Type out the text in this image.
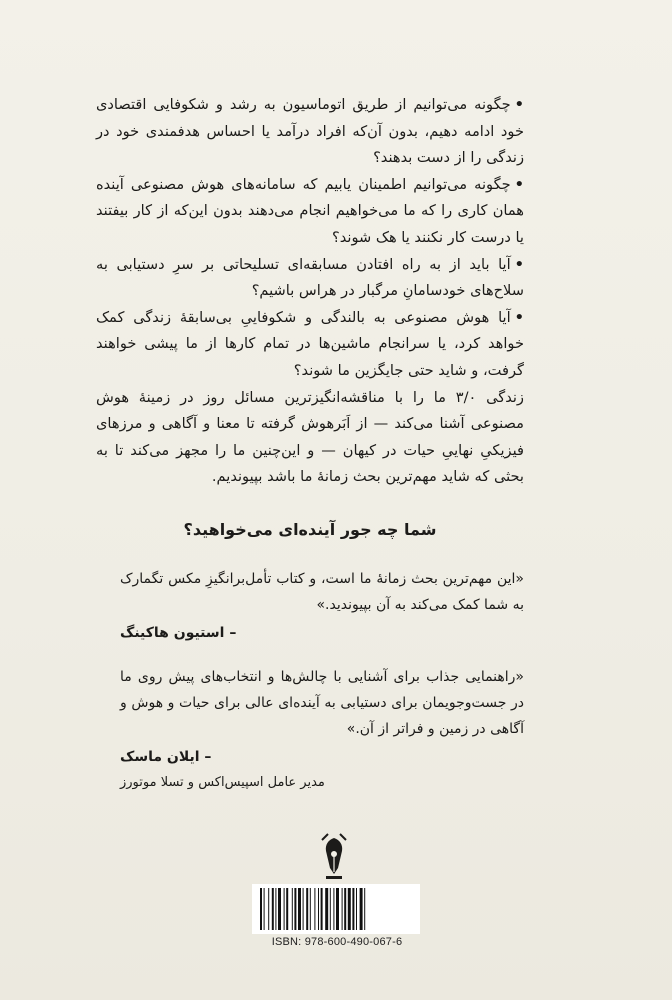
•چگونه می‌توانیم از طریق اتوماسیون به رشد و شکوفایی اقتصادی خود ادامه دهیم، بدون آن‌که افراد درآمد یا احساس هدفمندی خود در زندگی را از دست بدهند؟

•چگونه می‌توانیم اطمینان یابیم که سامانه‌های هوش مصنوعی آینده همان کاری را که ما می‌خواهیم انجام می‌دهند بدون این‌که از کار بیفتند یا درست کار نکنند یا هک شوند؟

•آیا باید از به راه افتادن مسابقه‌ای تسلیحاتی بر سرِ دستیابی به سلاح‌های خودسامانِ مرگبار در هراس باشیم؟

•آیا هوش مصنوعی به بالندگی و شکوفاییِ بی‌سابقهٔ زندگی کمک خواهد کرد، یا سرانجام ماشین‌ها در تمام کارها از ما پیشی خواهند گرفت، و شاید حتی جایگزین ما شوند؟

زندگی ۳/۰ ما را با مناقشه‌انگیزترین مسائل روز در زمینهٔ هوش مصنوعی آشنا می‌کند — از اَبَرهوش گرفته تا معنا و آگاهی و مرزهای فیزیکیِ نهاییِ حیات در کیهان — و این‌چنین ما را مجهز می‌کند تا به بحثی که شاید مهم‌ترین بحث زمانهٔ ما باشد بپیوندیم.

شما چه جور آینده‌ای می‌خواهید؟

«این مهم‌ترین بحث زمانهٔ ما است، و کتاب تأمل‌برانگیزِ مکس تگمارک به شما کمک می‌کند به آن بپیوندید.»

– استیون هاکینگ

«راهنمایی جذاب برای آشنایی با چالش‌ها و انتخاب‌های پیش روی ما در جست‌وجویمان برای دستیابی به آینده‌ای عالی برای حیات و هوش و آگاهی در زمین و فراتر از آن.»

– ایلان ماسک

مدیر عامل اسپیس‌اکس و تسلا موتورز

ISBN: 978-600-490-067-6
